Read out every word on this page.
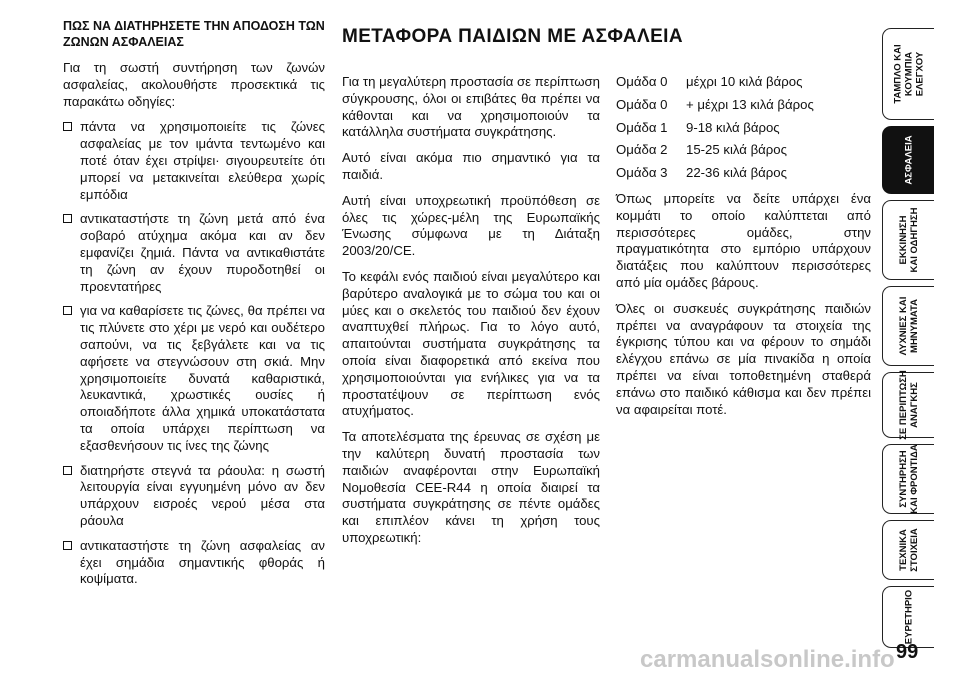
ΠΩΣ ΝΑ ΔΙΑΤΗΡΗΣΕΤΕ ΤΗΝ ΑΠΟΔΟΣΗ ΤΩΝ ΖΩΝΩΝ ΑΣΦΑΛΕΙΑΣ

Για τη σωστή συντήρηση των ζωνών ασφαλείας, ακολουθήστε προσεκτικά τις παρακάτω οδηγίες:

πάντα να χρησιμοποιείτε τις ζώνες ασφαλείας με τον ιμάντα τεντωμένο και ποτέ όταν έχει στρίψει· σιγουρευτείτε ότι μπορεί να μετακινείται ελεύθερα χωρίς εμπόδια
αντικαταστήστε τη ζώνη μετά από ένα σοβαρό ατύχημα ακόμα και αν δεν εμφανίζει ζημιά. Πάντα να αντικαθιστάτε τη ζώνη αν έχουν πυροδοτηθεί οι προεντατήρες
για να καθαρίσετε τις ζώνες, θα πρέπει να τις πλύνετε στο χέρι με νερό και ουδέτερο σαπούνι, να τις ξεβγάλετε και να τις αφήσετε να στεγνώσουν στη σκιά. Μην χρησιμοποιείτε δυνατά καθαριστικά, λευκαντικά, χρωστικές ουσίες ή οποιαδήποτε άλλα χημικά υποκατάστατα τα οποία υπάρχει περίπτωση να εξασθενήσουν τις ίνες της ζώνης
διατηρήστε στεγνά τα ράουλα: η σωστή λειτουργία είναι εγγυημένη μόνο αν δεν υπάρχουν εισροές νερού μέσα στα ράουλα
αντικαταστήστε τη ζώνη ασφαλείας αν έχει σημάδια σημαντικής φθοράς ή κοψίματα.
ΜΕΤΑΦΟΡΑ ΠΑΙΔΙΩΝ ΜΕ ΑΣΦΑΛΕΙΑ

Για τη μεγαλύτερη προστασία σε περίπτωση σύγκρουσης, όλοι οι επιβάτες θα πρέπει να κάθονται και να χρησιμοποιούν τα κατάλληλα συστήματα συγκράτησης.

Αυτό είναι ακόμα πιο σημαντικό για τα παιδιά.

Αυτή είναι υποχρεωτική προϋπόθεση σε όλες τις χώρες-μέλη της Ευρωπαϊκής Ένωσης σύμφωνα με τη Διάταξη 2003/20/CE.

Το κεφάλι ενός παιδιού είναι μεγαλύτερο και βαρύτερο αναλογικά με το σώμα του και οι μύες και ο σκελετός του παιδιού δεν έχουν αναπτυχθεί πλήρως. Για το λόγο αυτό, απαιτούνται συστήματα συγκράτησης τα οποία είναι διαφορετικά από εκείνα που χρησιμοποιούνται για ενήλικες για να τα προστατέψουν σε περίπτωση ενός ατυχήματος.

Τα αποτελέσματα της έρευνας σε σχέση με την καλύτερη δυνατή προστασία των παιδιών αναφέρονται στην Ευρωπαϊκή Νομοθεσία CEE-R44 η οποία διαιρεί τα συστήματα συγκράτησης σε πέντε ομάδες και επιπλέον κάνει τη χρήση τους υποχρεωτική:

Ομάδα 0	μέχρι 10 κιλά βάρος
Ομάδα 0	+ μέχρι 13 κιλά βάρος
Ομάδα 1	9-18 κιλά βάρος
Ομάδα 2	15-25 κιλά βάρος
Ομάδα 3	22-36 κιλά βάρος

Όπως μπορείτε να δείτε υπάρχει ένα κομμάτι το οποίο καλύπτεται από περισσότερες ομάδες, στην πραγματικότητα στο εμπόριο υπάρχουν διατάξεις που καλύπτουν περισσότερες από μία ομάδες βάρους.

Όλες οι συσκευές συγκράτησης παιδιών πρέπει να αναγράφουν τα στοιχεία της έγκρισης τύπου και να φέρουν το σημάδι ελέγχου επάνω σε μία πινακίδα η οποία πρέπει να είναι τοποθετημένη σταθερά επάνω στο παιδικό κάθισμα και δεν πρέπει να αφαιρείται ποτέ.

ΤΑΜΠΛΟ ΚΑΙ
ΚΟΥΜΠΙΑ
ΕΛΕΓΧΟΥ
ΑΣΦΑΛΕΙΑ
ΕΚΚΙΝΗΣΗ
ΚΑΙ ΟΔΗΓΗΣΗ
ΛΥΧΝΙΕΣ ΚΑΙ
ΜΗΝΥΜΑΤΑ
ΣΕ ΠΕΡΙΠΤΩΣΗ
ΑΝΑΓΚΗΣ
ΣΥΝΤΗΡΗΣΗ
ΚΑΙ ΦΡΟΝΤΙΔΑ
ΤΕΧΝΙΚΑ
ΣΤΟΙΧΕΙΑ
ΕΥΡΕΤΗΡΙΟ
99
carmanualsonline.info
